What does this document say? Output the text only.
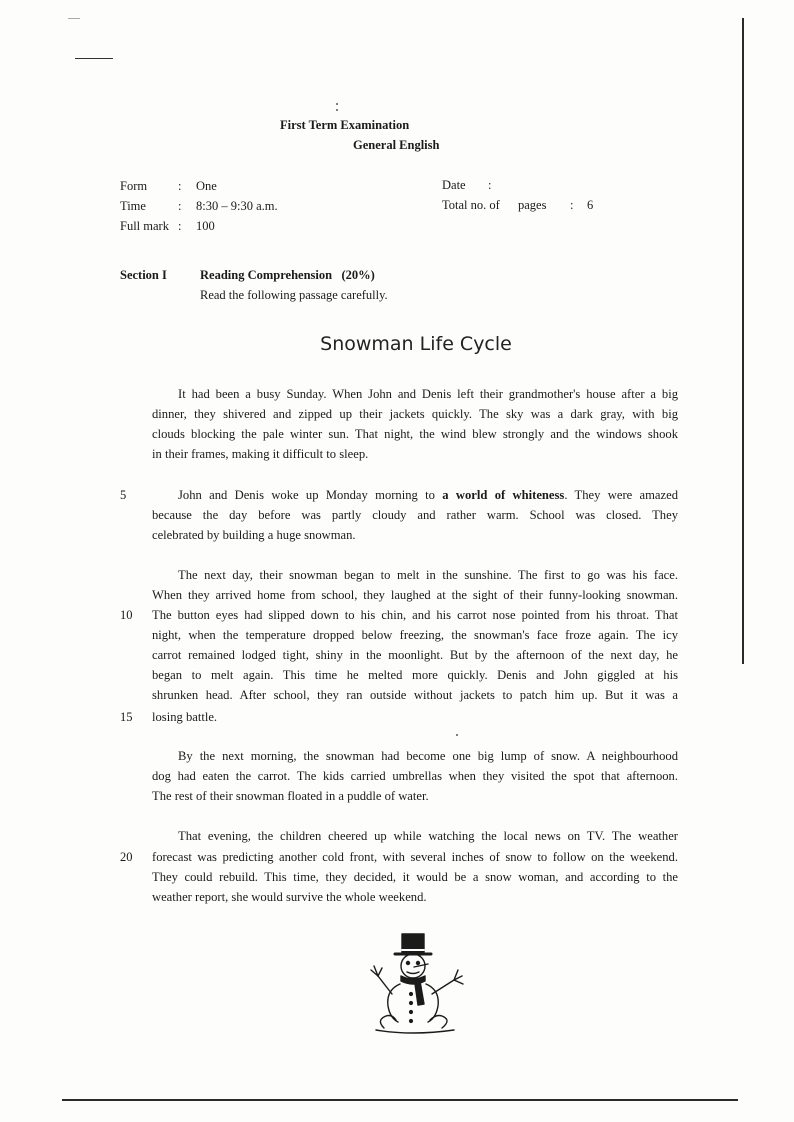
First Term Examination
General English
Form : One
Time	: 8:30 – 9:30 a.m.
Full mark : 100
Date :
Total no. of pages : 6
Section I	Reading Comprehension (20%)
Read the following passage carefully.
Snowman Life Cycle
It had been a busy Sunday. When John and Denis left their grandmother's house after a big
dinner, they shivered and zipped up their jackets quickly. The sky was a dark gray, with big
clouds blocking the pale winter sun. That night, the wind blew strongly and the windows shook
in their frames, making it difficult to sleep.
5	John and Denis woke up Monday morning to a world of whiteness. They were amazed
because the day before was partly cloudy and rather warm. School was closed. They
celebrated by building a huge snowman.
The next day, their snowman began to melt in the sunshine. The first to go was his face.
When they arrived home from school, they laughed at the sight of their funny-looking snowman.
10 The button eyes had slipped down to his chin, and his carrot nose pointed from his throat. That
night, when the temperature dropped below freezing, the snowman's face froze again. The icy
carrot remained lodged tight, shiny in the moonlight. But by the afternoon of the next day, he
began to melt again. This time he melted more quickly. Denis and John giggled at his
shrunken head. After school, they ran outside without jackets to patch him up. But it was a
15 losing battle.
By the next morning, the snowman had become one big lump of snow. A neighbourhood
dog had eaten the carrot. The kids carried umbrellas when they visited the spot that afternoon.
The rest of their snowman floated in a puddle of water.
That evening, the children cheered up while watching the local news on TV. The weather
20 forecast was predicting another cold front, with several inches of snow to follow on the weekend.
They could rebuild. This time, they decided, it would be a snow woman, and according to the
weather report, she would survive the whole weekend.
